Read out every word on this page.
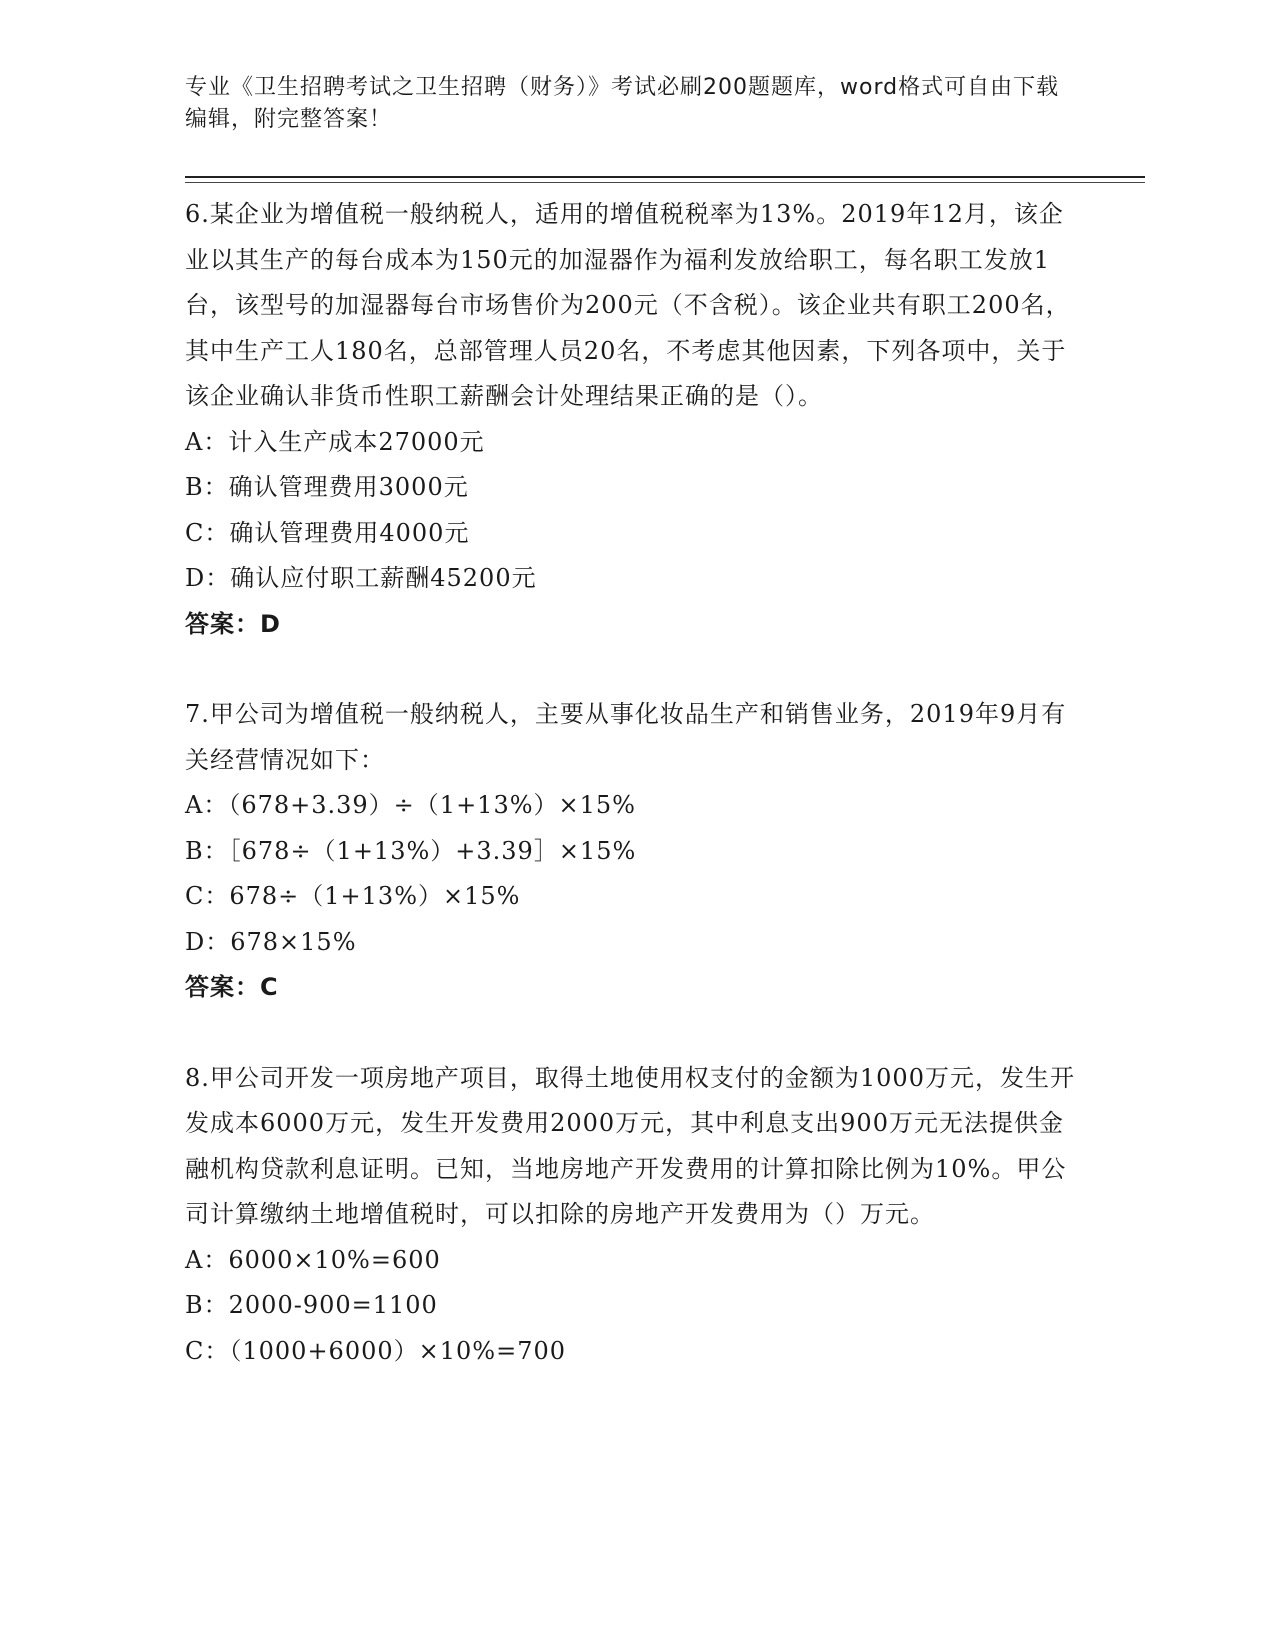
专业《卫生招聘考试之卫生招聘（财务）》考试必刷200题题库，word格式可自由下载编辑，附完整答案！

6.某企业为增值税一般纳税人，适用的增值税税率为13%。2019年12月，该企业以其生产的每台成本为150元的加湿器作为福利发放给职工，每名职工发放1台，该型号的加湿器每台市场售价为200元（不含税）。该企业共有职工200名，其中生产工人180名，总部管理人员20名，不考虑其他因素，下列各项中，关于该企业确认非货币性职工薪酬会计处理结果正确的是（）。

A：计入生产成本27000元

B：确认管理费用3000元

C：确认管理费用4000元

D：确认应付职工薪酬45200元

答案：D

7.甲公司为增值税一般纳税人，主要从事化妆品生产和销售业务，2019年9月有关经营情况如下：

A：（678+3.39）÷（1+13%）×15%

B：［678÷（1+13%）+3.39］×15%

C：678÷（1+13%）×15%

D：678×15%

答案：C

8.甲公司开发一项房地产项目，取得土地使用权支付的金额为1000万元，发生开发成本6000万元，发生开发费用2000万元，其中利息支出900万元无法提供金融机构贷款利息证明。已知，当地房地产开发费用的计算扣除比例为10%。甲公司计算缴纳土地增值税时，可以扣除的房地产开发费用为（）万元。

A：6000×10%=600

B：2000-900=1100

C：（1000+6000）×10%=700
